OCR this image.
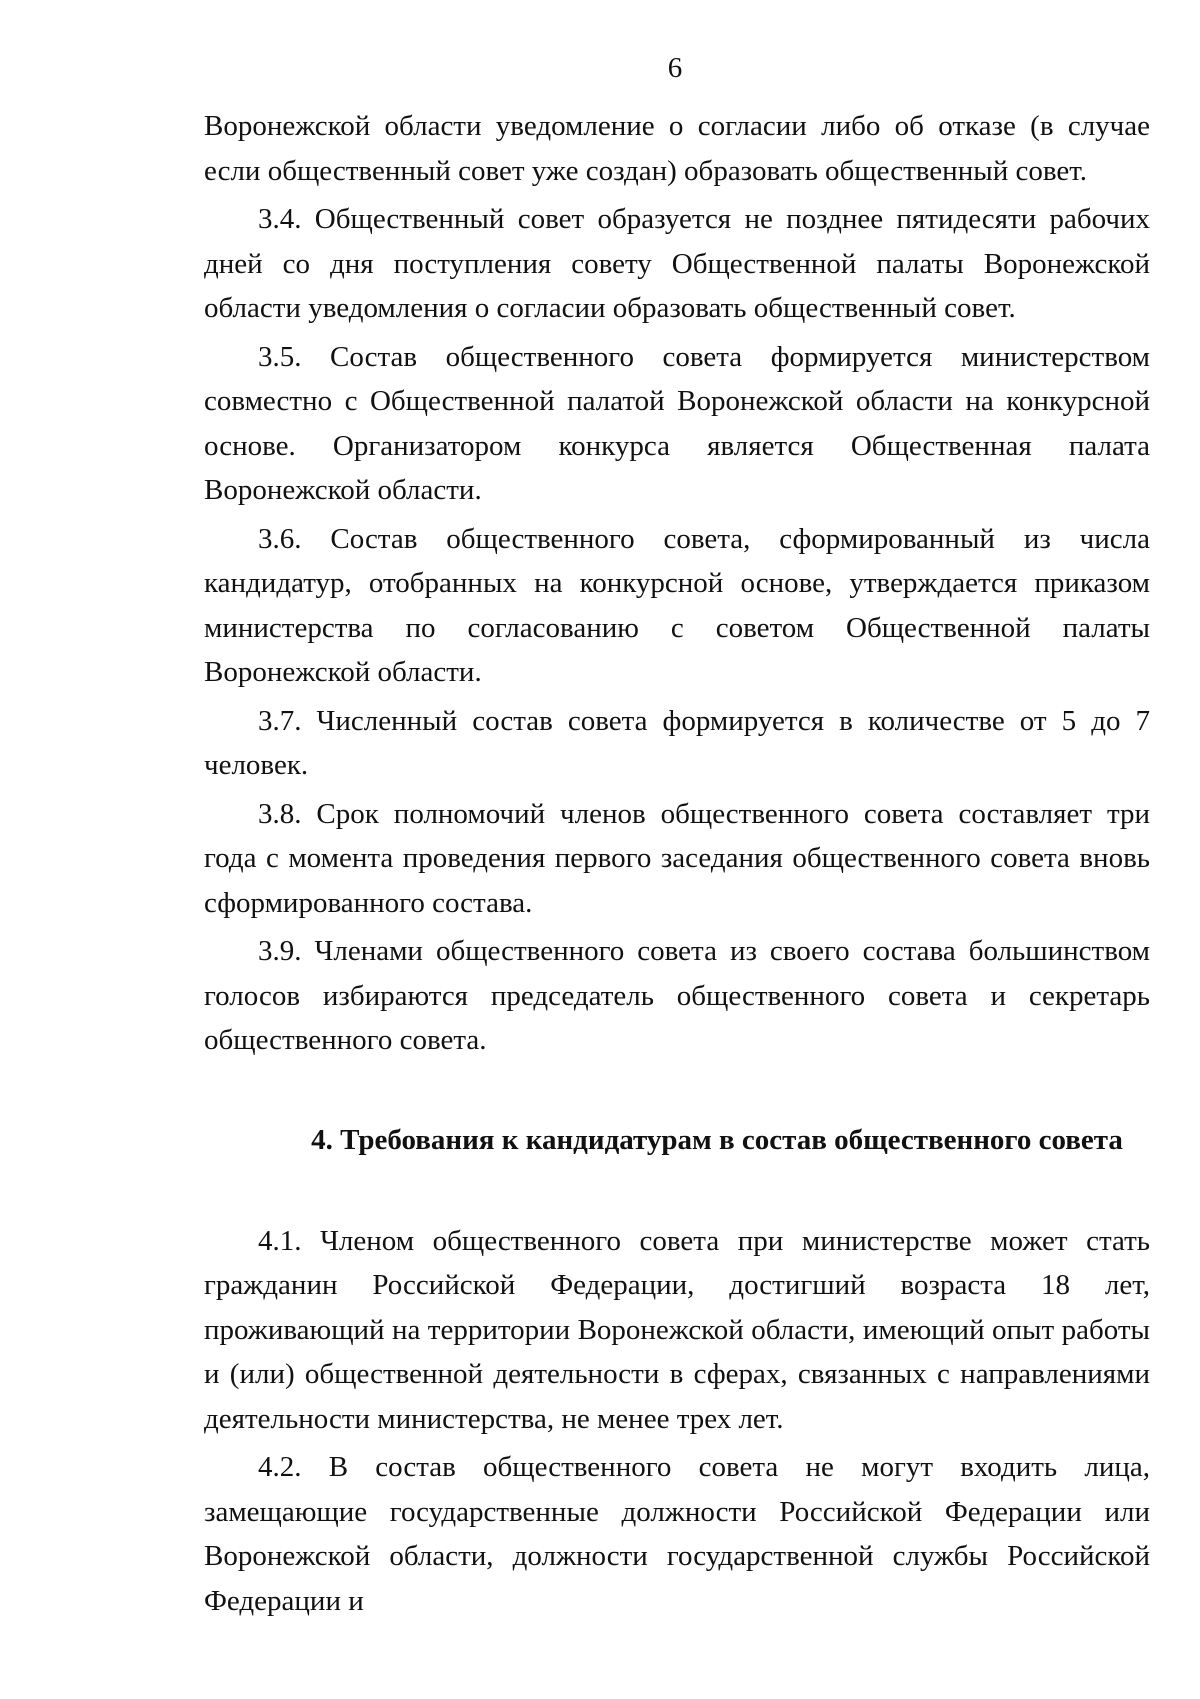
6

Воронежской области уведомление о согласии либо об отказе (в случае если общественный совет уже создан) образовать общественный совет.

3.4. Общественный совет образуется не позднее пятидесяти рабочих дней со дня поступления совету Общественной палаты Воронежской области уведомления о согласии образовать общественный совет.

3.5. Состав общественного совета формируется министерством совместно с Общественной палатой Воронежской области на конкурсной основе. Организатором конкурса является Общественная палата Воронежской области.

3.6. Состав общественного совета, сформированный из числа кандидатур, отобранных на конкурсной основе, утверждается приказом министерства по согласованию с советом Общественной палаты Воронежской области.

3.7. Численный состав совета формируется в количестве от 5 до 7 человек.

3.8. Срок полномочий членов общественного совета составляет три года с момента проведения первого заседания общественного совета вновь сформированного состава.

3.9. Членами общественного совета из своего состава большинством голосов избираются председатель общественного совета и секретарь общественного совета.

4. Требования к кандидатурам в состав общественного совета

4.1. Членом общественного совета при министерстве может стать гражданин Российской Федерации, достигший возраста 18 лет, проживающий на территории Воронежской области, имеющий опыт работы и (или) общественной деятельности в сферах, связанных с направлениями деятельности министерства, не менее трех лет.

4.2. В состав общественного совета не могут входить лица, замещающие государственные должности Российской Федерации или Воронежской области, должности государственной службы Российской Федерации и
